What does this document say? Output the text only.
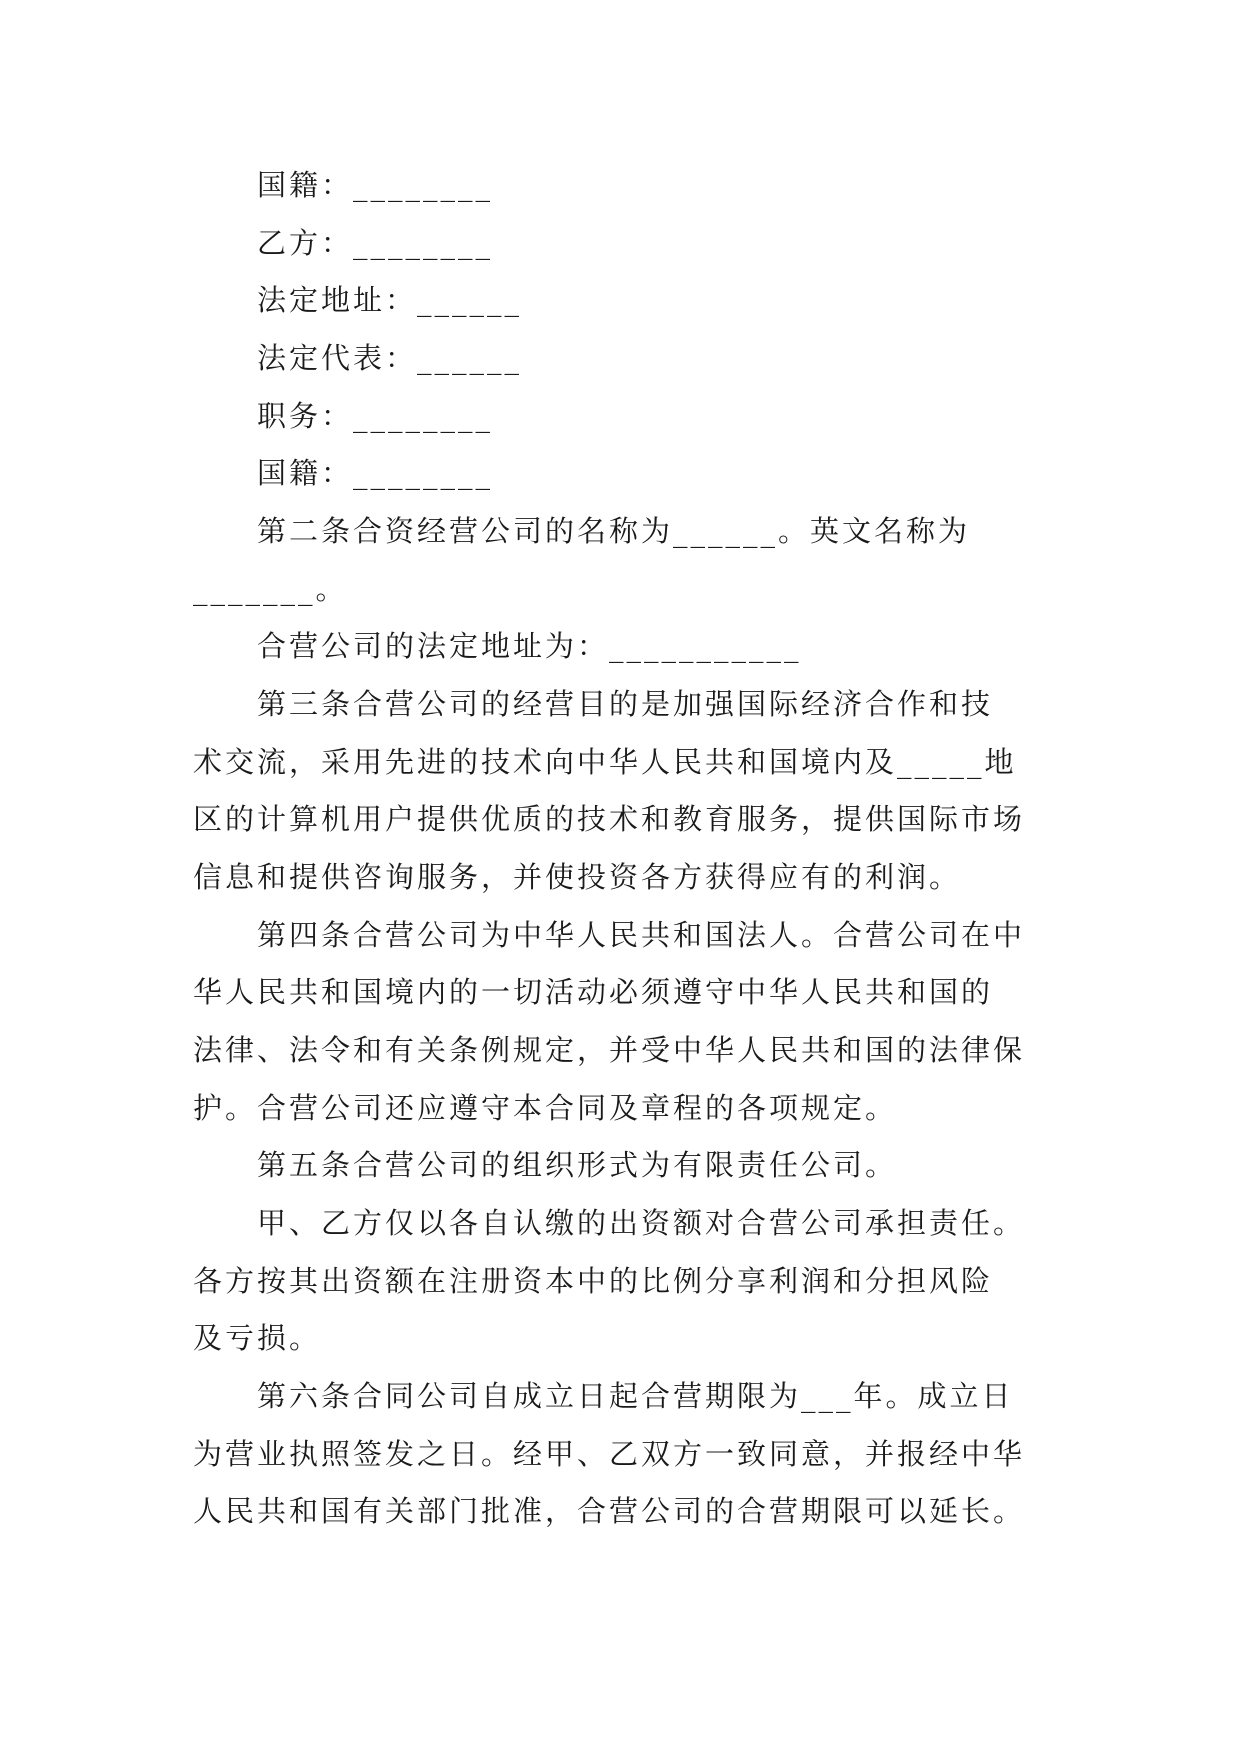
国籍：________
乙方：________
法定地址：______
法定代表：______
职务：________
国籍：________
第二条合资经营公司的名称为______。英文名称为
_______。
合营公司的法定地址为：___________
第三条合营公司的经营目的是加强国际经济合作和技
术交流，采用先进的技术向中华人民共和国境内及_____地
区的计算机用户提供优质的技术和教育服务，提供国际市场
信息和提供咨询服务，并使投资各方获得应有的利润。
第四条合营公司为中华人民共和国法人。合营公司在中
华人民共和国境内的一切活动必须遵守中华人民共和国的
法律、法令和有关条例规定，并受中华人民共和国的法律保
护。合营公司还应遵守本合同及章程的各项规定。
第五条合营公司的组织形式为有限责任公司。
甲、乙方仅以各自认缴的出资额对合营公司承担责任。
各方按其出资额在注册资本中的比例分享利润和分担风险
及亏损。
第六条合同公司自成立日起合营期限为___年。成立日
为营业执照签发之日。经甲、乙双方一致同意，并报经中华
人民共和国有关部门批准，合营公司的合营期限可以延长。
